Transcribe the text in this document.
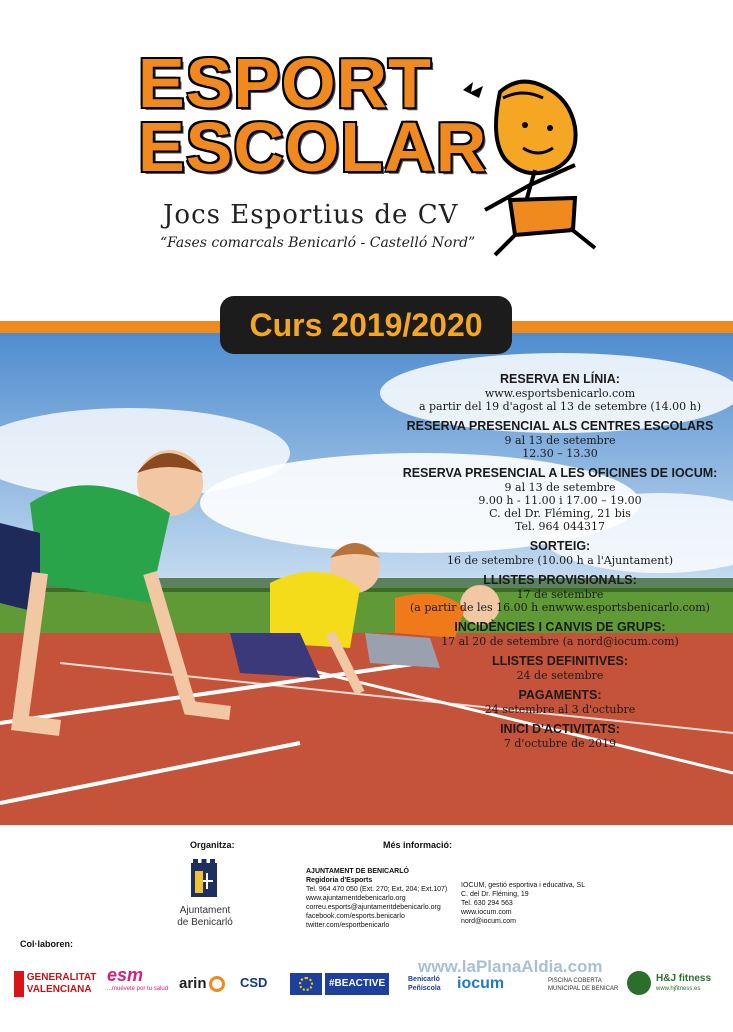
ESPORT
ESCOLAR
Jocs Esportius de CV
“Fases comarcals Benicarló - Castelló Nord”
Curs 2019/2020
RESERVA EN LÍNIA:
www.esportsbenicarlo.com
a partir del 19 d'agost al 13 de setembre (14.00 h)
RESERVA PRESENCIAL ALS CENTRES ESCOLARS
9 al 13 de setembre
12.30 – 13.30
RESERVA PRESENCIAL A LES OFICINES DE IOCUM:
9 al 13 de setembre
9.00 h - 11.00 i 17.00 – 19.00
C. del Dr. Fléming, 21 bis
Tel. 964 044317
SORTEIG:
16 de setembre (10.00 h a l'Ajuntament)
LLISTES PROVISIONALS:
17 de setembre
(a partir de les 16.00 h enwww.esportsbenicarlo.com)
INCIDÈNCIES I CANVIS DE GRUPS:
17 al 20 de setembre (a nord@iocum.com)
LLISTES DEFINITIVES:
24 de setembre
PAGAMENTS:
24 setembre al 3 d'octubre
INICI D'ACTIVITATS:
7 d'octubre de 2019
Organitza:	Més informació:
Ajuntament
de Benicarló
AJUNTAMENT DE BENICARLÓ
Regidoria d'Esports
Tel. 964 470 050 (Ext. 270; Ext. 204; Ext.107)
www.ajuntamentdebenicarlo.org
correu.esports@ajuntamentdebenicarlo.org
facebook.com/esports.benicarlo
twitter.com/esportbenicarlo
IOCUM, gestió esportiva i educativa, SL
C. del Dr. Fléming, 19
Tel. 630 294 563
www.iocum.com
nord@iocum.com
Col·laboren:

GENERALITAT
VALENCIANA
esm
...muévete por tu salud arin	CSD	#BEACTIVE	Benicarló
Peñíscola iocum	PISCINA COBERTA
MUNICIPAL DE BENICAR
www.laPlanaAldia.com
H&J fitness
www.hjfitness.es
